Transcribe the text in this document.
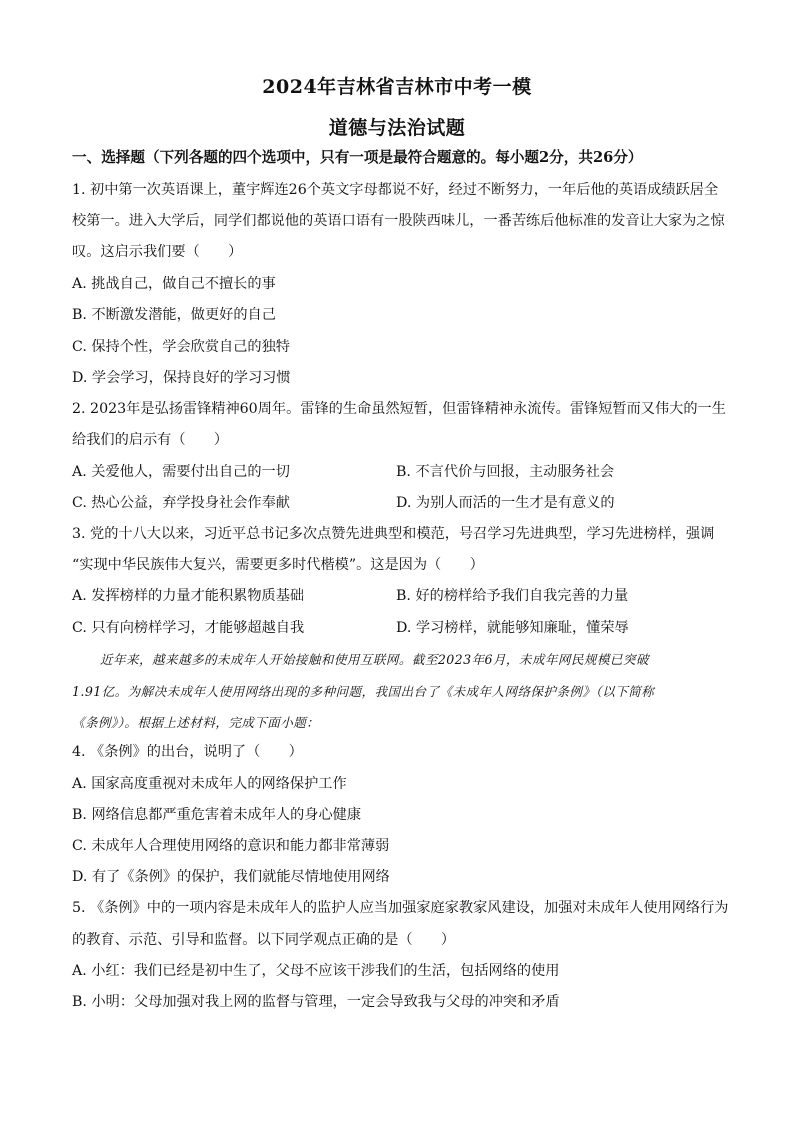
2024年吉林省吉林市中考一模
道德与法治试题
一、选择题（下列各题的四个选项中，只有一项是最符合题意的。每小题2分，共26分）
1. 初中第一次英语课上，董宇辉连26个英文字母都说不好，经过不断努力，一年后他的英语成绩跃居全
校第一。进入大学后，同学们都说他的英语口语有一股陕西味儿，一番苦练后他标准的发音让大家为之惊
叹。这启示我们要（　　）
A. 挑战自己，做自己不擅长的事
B. 不断激发潜能，做更好的自己
C. 保持个性，学会欣赏自己的独特
D. 学会学习，保持良好的学习习惯
2. 2023年是弘扬雷锋精神60周年。雷锋的生命虽然短暂，但雷锋精神永流传。雷锋短暂而又伟大的一生
给我们的启示有（　　）
A. 关爱他人，需要付出自己的一切	B. 不言代价与回报，主动服务社会
C. 热心公益，弃学投身社会作奉献	D. 为别人而活的一生才是有意义的
3. 党的十八大以来，习近平总书记多次点赞先进典型和模范，号召学习先进典型，学习先进榜样，强调
“实现中华民族伟大复兴，需要更多时代楷模”。这是因为（　　）
A. 发挥榜样的力量才能积累物质基础	B. 好的榜样给予我们自我完善的力量
C. 只有向榜样学习，才能够超越自我	D. 学习榜样，就能够知廉耻，懂荣辱
近年来，越来越多的未成年人开始接触和使用互联网。截至2023年6月，未成年网民规模已突破
1.91亿。为解决未成年人使用网络出现的多种问题，我国出台了《未成年人网络保护条例》（以下简称
《条例》）。根据上述材料，完成下面小题：
4. 《条例》的出台，说明了（　　）
A. 国家高度重视对未成年人的网络保护工作
B. 网络信息都严重危害着未成年人的身心健康
C. 未成年人合理使用网络的意识和能力都非常薄弱
D. 有了《条例》的保护，我们就能尽情地使用网络
5. 《条例》中的一项内容是未成年人的监护人应当加强家庭家教家风建设，加强对未成年人使用网络行为
的教育、示范、引导和监督。以下同学观点正确的是（　　）
A. 小红：我们已经是初中生了，父母不应该干涉我们的生活，包括网络的使用
B. 小明：父母加强对我上网的监督与管理，一定会导致我与父母的冲突和矛盾
